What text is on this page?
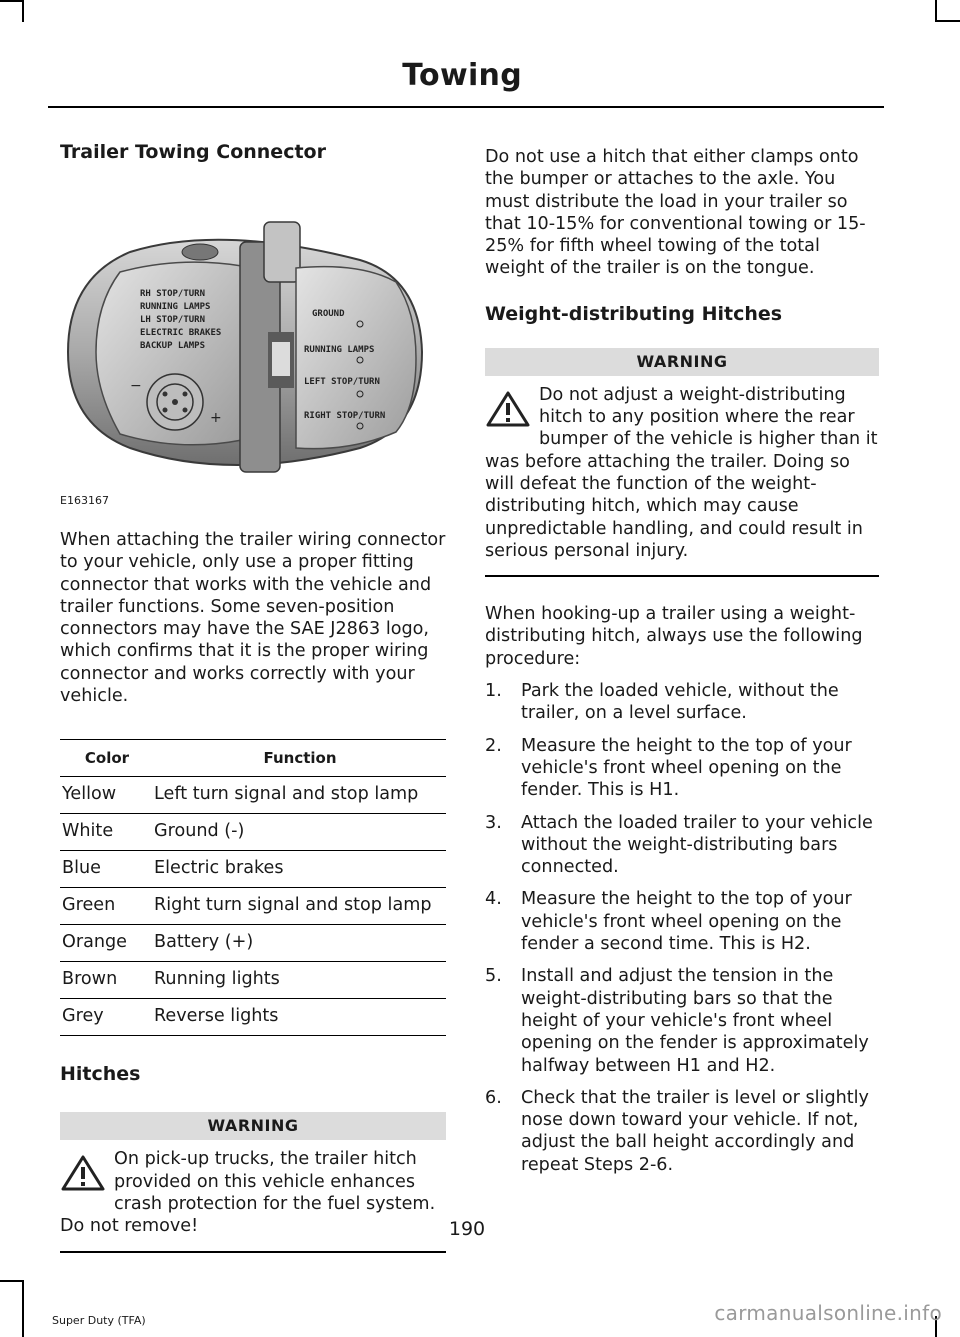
Towing
Trailer Towing Connector
RH STOP/TURN
RUNNING LAMPS
LH STOP/TURN
ELECTRIC BRAKES
BACKUP LAMPS
+
−
GROUND
RUNNING LAMPS
LEFT STOP/TURN
RIGHT STOP/TURN
E163167

When attaching the trailer wiring connector to your vehicle, only use a proper fitting connector that works with the vehicle and trailer functions. Some seven-position connectors may have the SAE J2863 logo, which confirms that it is the proper wiring connector and works correctly with your vehicle.

Color	Function
Yellow	Left turn signal and stop lamp
White	Ground (-)
Blue	Electric brakes
Green	Right turn signal and stop lamp
Orange	Battery (+)
Brown	Running lights
Grey	Reverse lights
Hitches
WARNING
On pick-up trucks, the trailer hitch provided on this vehicle enhances crash protection for the fuel system. Do not remove!

Do not use a hitch that either clamps onto the bumper or attaches to the axle. You must distribute the load in your trailer so that 10-15% for conventional towing or 15-25% for fifth wheel towing of the total weight of the trailer is on the tongue.

Weight-distributing Hitches
WARNING
Do not adjust a weight-distributing hitch to any position where the rear bumper of the vehicle is higher than it was before attaching the trailer. Doing so will defeat the function of the weight-distributing hitch, which may cause unpredictable handling, and could result in serious personal injury.

When hooking-up a trailer using a weight-distributing hitch, always use the following procedure:

1. Park the loaded vehicle, without the trailer, on a level surface.
2. Measure the height to the top of your vehicle's front wheel opening on the fender. This is H1.
3. Attach the loaded trailer to your vehicle without the weight-distributing bars connected.
4. Measure the height to the top of your vehicle's front wheel opening on the fender a second time. This is H2.
5. Install and adjust the tension in the weight-distributing bars so that the height of your vehicle's front wheel opening on the fender is approximately halfway between H1 and H2.
6. Check that the trailer is level or slightly nose down toward your vehicle. If not, adjust the ball height accordingly and repeat Steps 2-6.
190
Super Duty (TFA)	carmanualsonline.info
